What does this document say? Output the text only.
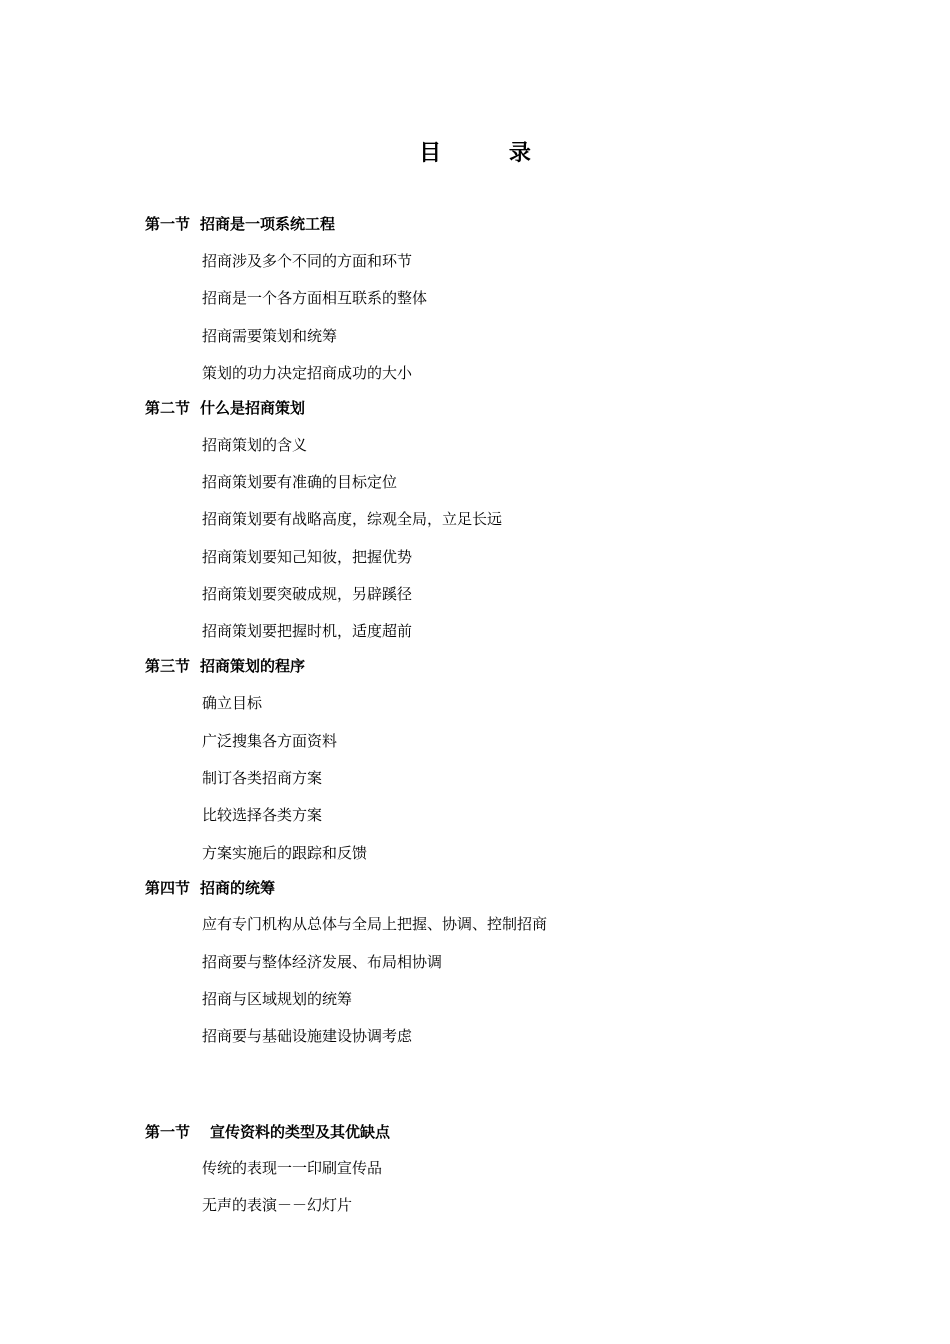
目 录
第一节 招商是一项系统工程
招商涉及多个不同的方面和环节
招商是一个各方面相互联系的整体
招商需要策划和统筹
策划的功力决定招商成功的大小
第二节 什么是招商策划
招商策划的含义
招商策划要有准确的目标定位
招商策划要有战略高度，综观全局，立足长远
招商策划要知己知彼，把握优势
招商策划要突破成规，另辟蹊径
招商策划要把握时机，适度超前
第三节 招商策划的程序
确立目标
广泛搜集各方面资料
制订各类招商方案
比较选择各类方案
方案实施后的跟踪和反馈
第四节 招商的统筹
应有专门机构从总体与全局上把握、协调、控制招商
招商要与整体经济发展、布局相协调
招商与区域规划的统筹
招商要与基础设施建设协调考虑
第一节 宣传资料的类型及其优缺点
传统的表现一一印刷宣传品
无声的表演－－幻灯片
